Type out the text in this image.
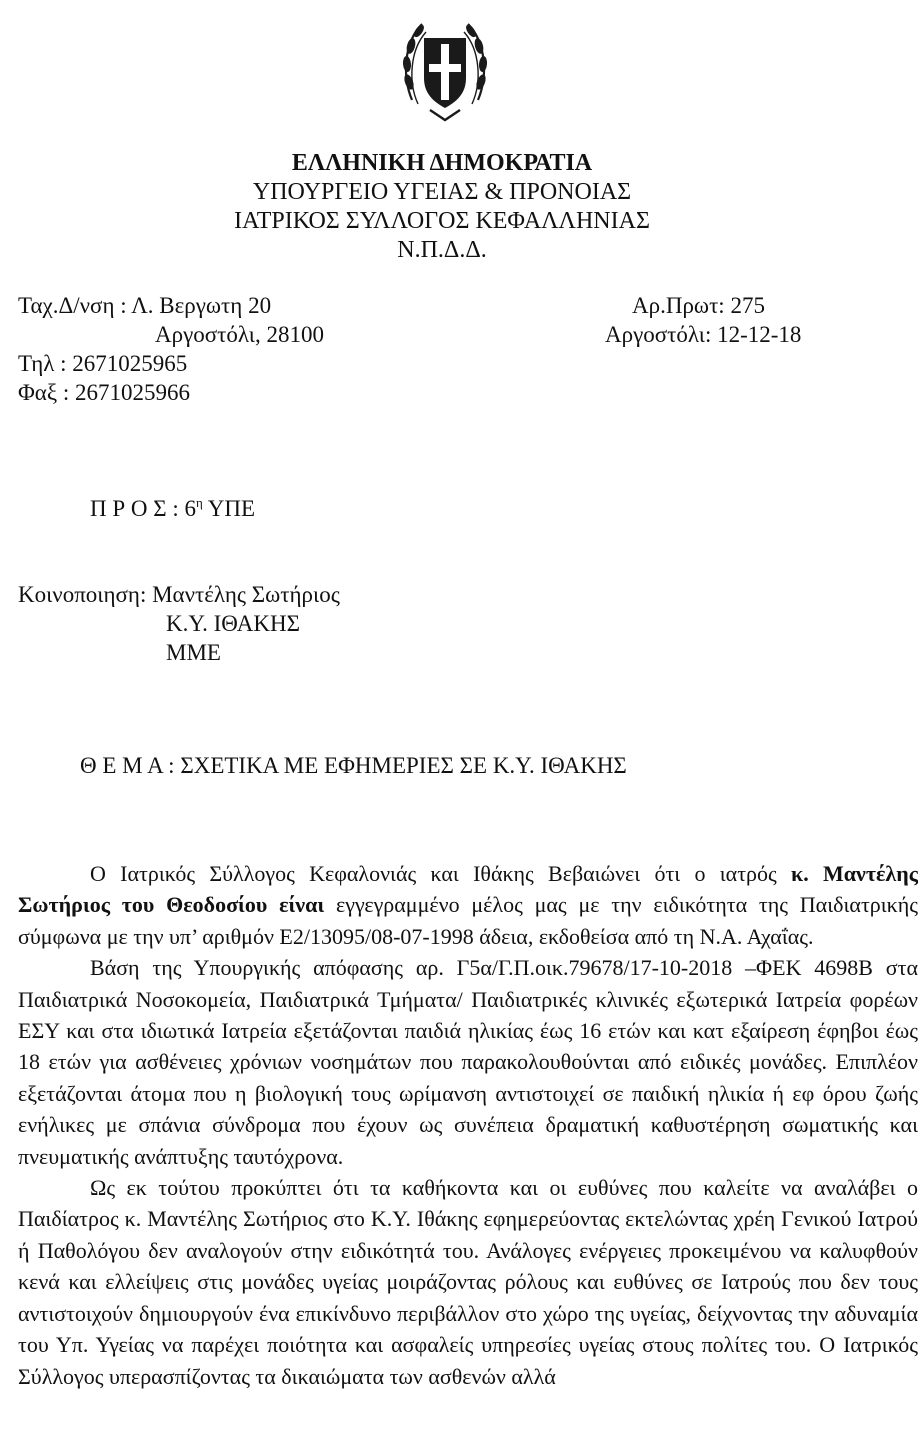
ΕΛΛΗΝΙΚΗ ΔΗΜΟΚΡΑΤΙΑ
ΥΠΟΥΡΓΕΙΟ ΥΓΕΙΑΣ & ΠΡΟΝΟΙΑΣ
ΙΑΤΡΙΚΟΣ ΣΥΛΛΟΓΟΣ ΚΕΦΑΛΛΗΝΙΑΣ
Ν.Π.Δ.Δ.
Ταχ.Δ/νση : Λ. Βεργωτη 20
Αργοστόλι, 28100
Τηλ : 2671025965
Φαξ : 2671025966
Αρ.Πρωτ: 275
Αργοστόλι: 12-12-18
Π Ρ Ο Σ : $6^\eta$ ΥΠΕ
Κοινοποιηση: Μαντέλης Σωτήριος
Κ.Υ. ΙΘΑΚΗΣ
ΜΜΕ
Θ Ε Μ Α : ΣΧΕΤΙΚΑ ΜΕ ΕΦΗΜΕΡΙΕΣ ΣΕ Κ.Υ. ΙΘΑΚΗΣ

Ο Ιατρικός Σύλλογος Κεφαλονιάς και Ιθάκης Βεβαιώνει ότι ο ιατρός κ. Μαντέλης Σωτήριος του Θεοδοσίου είναι εγγεγραμμένο μέλος μας με την ειδικότητα της Παιδιατρικής σύμφωνα με την υπ’ αριθμόν Ε2/13095/08-07-1998 άδεια, εκδοθείσα από τη Ν.Α. Αχαΐας.

Βάση της Υπουργικής απόφασης αρ. Γ5α/Γ.Π.οικ.79678/17-10-2018 –ΦΕΚ 4698Β στα Παιδιατρικά Νοσοκομεία, Παιδιατρικά Τμήματα/ Παιδιατρικές κλινικές εξωτερικά Ιατρεία φορέων ΕΣΥ και στα ιδιωτικά Ιατρεία εξετάζονται παιδιά ηλικίας έως 16 ετών και κατ εξαίρεση έφηβοι έως 18 ετών για ασθένειες χρόνιων νοσημάτων που παρακολουθούνται από ειδικές μονάδες. Επιπλέον εξετάζονται άτομα που η βιολογική τους ωρίμανση αντιστοιχεί σε παιδική ηλικία ή εφ όρου ζωής ενήλικες με σπάνια σύνδρομα που έχουν ως συνέπεια δραματική καθυστέρηση σωματικής και πνευματικής ανάπτυξης ταυτόχρονα.

Ως εκ τούτου προκύπτει ότι τα καθήκοντα και οι ευθύνες που καλείτε να αναλάβει ο Παιδίατρος κ. Μαντέλης Σωτήριος στο Κ.Υ. Ιθάκης εφημερεύοντας εκτελώντας χρέη Γενικού Ιατρού ή Παθολόγου δεν αναλογούν στην ειδικότητά του. Ανάλογες ενέργειες προκειμένου να καλυφθούν κενά και ελλείψεις στις μονάδες υγείας μοιράζοντας ρόλους και ευθύνες σε Ιατρούς που δεν τους αντιστοιχούν δημιουργούν ένα επικίνδυνο περιβάλλον στο χώρο της υγείας, δείχνοντας την αδυναμία του Υπ. Υγείας να παρέχει ποιότητα και ασφαλείς υπηρεσίες υγείας στους πολίτες του. Ο Ιατρικός Σύλλογος υπερασπίζοντας τα δικαιώματα των ασθενών αλλά
